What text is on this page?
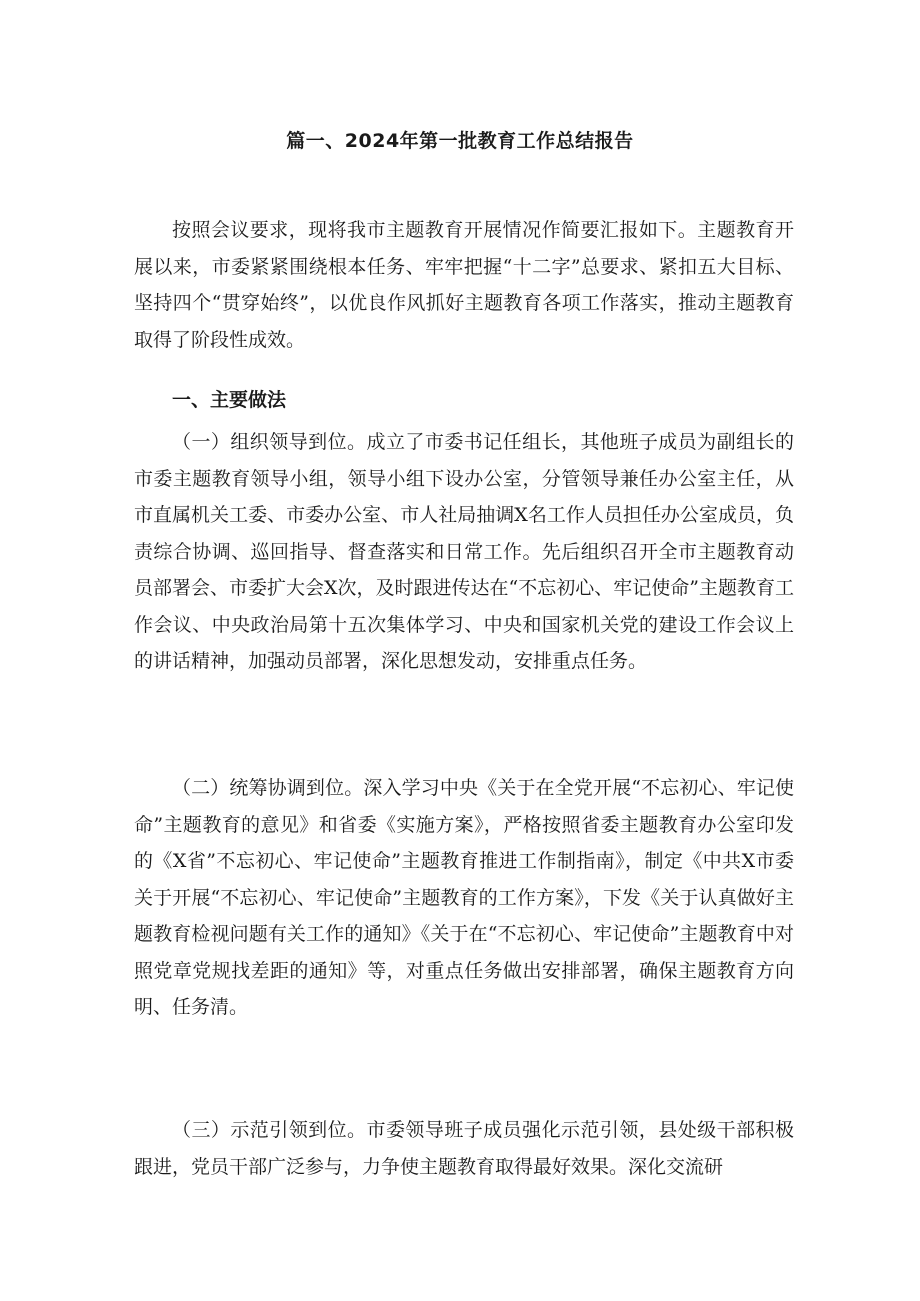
篇一、2024年第一批教育工作总结报告

按照会议要求，现将我市主题教育开展情况作简要汇报如下。主题教育开展以来，市委紧紧围绕根本任务、牢牢把握“十二字”总要求、紧扣五大目标、坚持四个“贯穿始终”，以优良作风抓好主题教育各项工作落实，推动主题教育取得了阶段性成效。

一、主要做法

（一）组织领导到位。成立了市委书记任组长，其他班子成员为副组长的市委主题教育领导小组，领导小组下设办公室，分管领导兼任办公室主任，从市直属机关工委、市委办公室、市人社局抽调X名工作人员担任办公室成员，负责综合协调、巡回指导、督查落实和日常工作。先后组织召开全市主题教育动员部署会、市委扩大会X次，及时跟进传达在“不忘初心、牢记使命”主题教育工作会议、中央政治局第十五次集体学习、中央和国家机关党的建设工作会议上的讲话精神，加强动员部署，深化思想发动，安排重点任务。

（二）统筹协调到位。深入学习中央《关于在全党开展“不忘初心、牢记使命”主题教育的意见》和省委《实施方案》，严格按照省委主题教育办公室印发的《X省”不忘初心、牢记使命”主题教育推进工作制指南》，制定《中共X市委关于开展“不忘初心、牢记使命”主题教育的工作方案》，下发《关于认真做好主题教育检视问题有关工作的通知》《关于在“不忘初心、牢记使命”主题教育中对照党章党规找差距的通知》等，对重点任务做出安排部署，确保主题教育方向明、任务清。

（三）示范引领到位。市委领导班子成员强化示范引领，县处级干部积极跟进，党员干部广泛参与，力争使主题教育取得最好效果。深化交流研
